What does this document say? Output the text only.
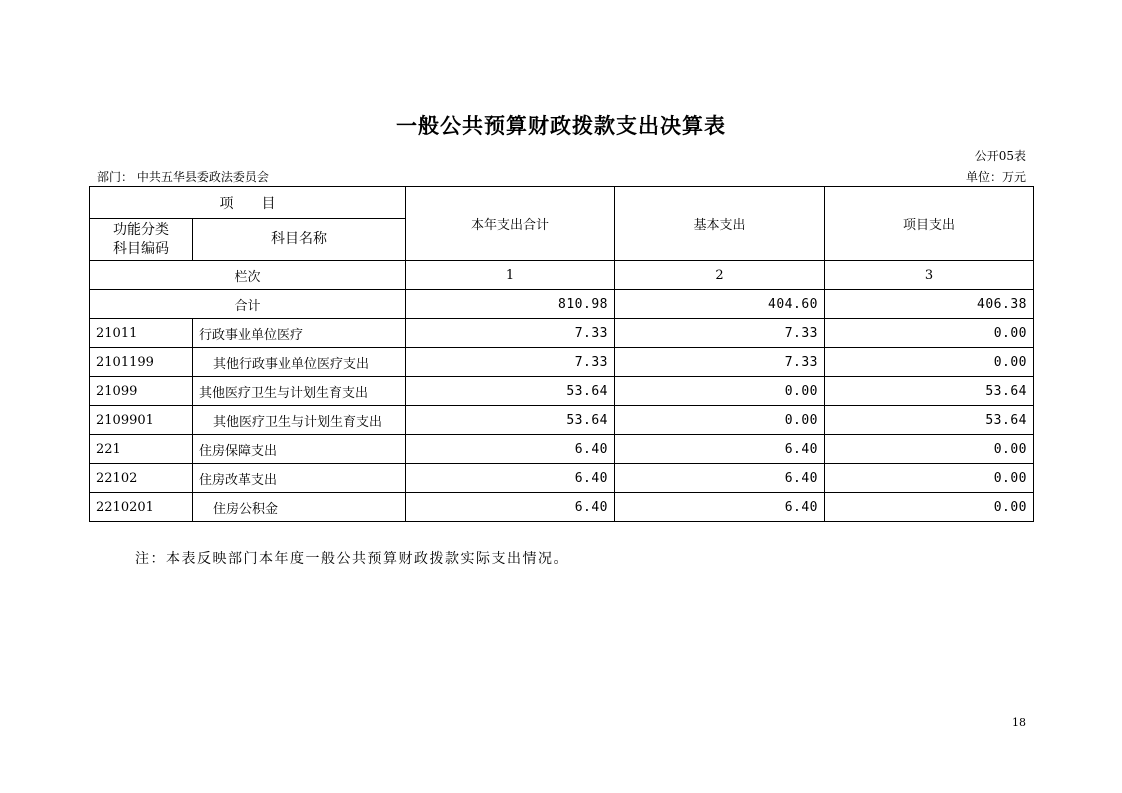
一般公共预算财政拨款支出决算表
公开05表
部门： 中共五华县委政法委员会	单位：万元
项　　目		本年支出合计	基本支出	项目支出
功能分类
科目编码	科目名称			
栏次		1	2	3
合计		810.98	404.60	406.38
21011	行政事业单位医疗	7.33	7.33	0.00
2101199	其他行政事业单位医疗支出	7.33	7.33	0.00
21099	其他医疗卫生与计划生育支出	53.64	0.00	53.64
2109901	其他医疗卫生与计划生育支出	53.64	0.00	53.64
221	住房保障支出	6.40	6.40	0.00
22102	住房改革支出	6.40	6.40	0.00
2210201	住房公积金	6.40	6.40	0.00
注：本表反映部门本年度一般公共预算财政拨款实际支出情况。
18
